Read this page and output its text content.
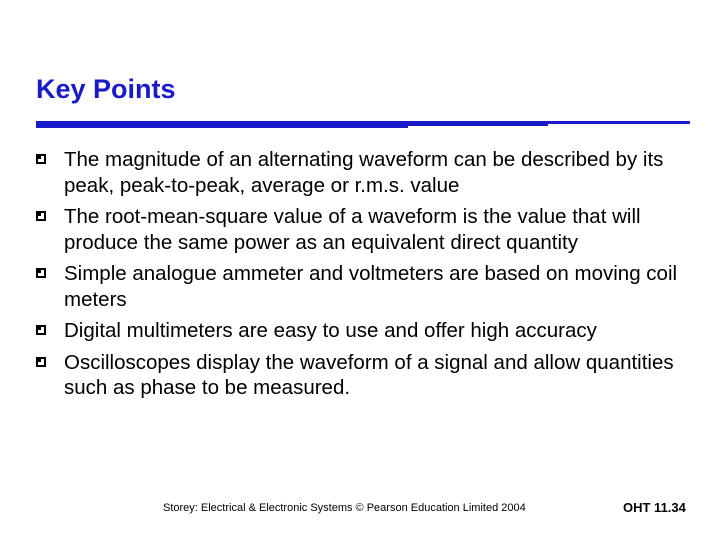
Key Points
The magnitude of an alternating waveform can be described by its peak, peak-to-peak, average or r.m.s. value
The root-mean-square value of a waveform is the value that will produce the same power as an equivalent direct quantity
Simple analogue ammeter and voltmeters are based on moving coil meters
Digital multimeters are easy to use and offer high accuracy
Oscilloscopes display the waveform of a signal and allow quantities such as phase to be measured.
Storey: Electrical & Electronic Systems © Pearson Education Limited 2004	OHT 11.34
